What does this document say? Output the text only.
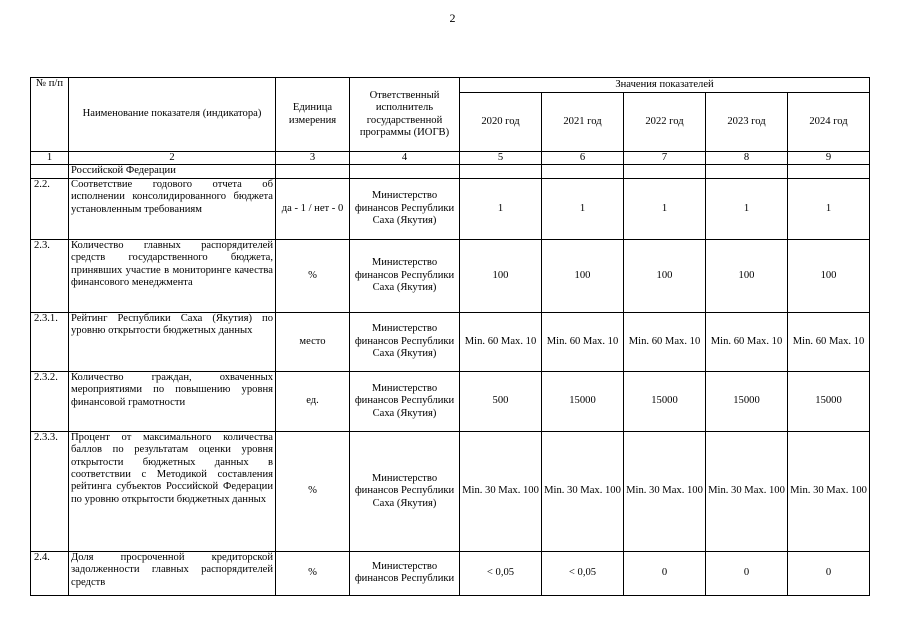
2
№ п/п	Наименование показателя (индикатора)	Единица измерения	Ответственный исполнитель государственной программы (ИОГВ)	Значения показателей				
				2020 год	2021 год	2022 год	2023 год	2024 год
1	2	3	4	5	6	7	8	9
	Российской Федерации							
2.2.	Соответствие годового отчета об исполнении консолидированного бюджета установленным требованиям	да - 1 / нет - 0	Министерство финансов Республики Саха (Якутия)	1	1	1	1	1
2.3.	Количество главных распорядителей средств государственного бюджета, принявших участие в мониторинге качества финансового менеджмента	%	Министерство финансов Республики Саха (Якутия)	100	100	100	100	100
2.3.1.	Рейтинг Республики Саха (Якутия) по уровню открытости бюджетных данных	место	Министерство финансов Республики Саха (Якутия)	Min. 60 Max. 10	Min. 60 Max. 10	Min. 60 Max. 10	Min. 60 Max. 10	Min. 60 Max. 10
2.3.2.	Количество граждан, охваченных мероприятиями по повышению уровня финансовой грамотности	ед.	Министерство финансов Республики Саха (Якутия)	500	15000	15000	15000	15000
2.3.3.	Процент от максимального количества баллов по результатам оценки уровня открытости бюджетных данных в соответствии с Методикой составления рейтинга субъектов Российской Федерации по уровню открытости бюджетных данных	%	Министерство финансов Республики Саха (Якутия)	Min. 30 Max. 100	Min. 30 Max. 100	Min. 30 Max. 100	Min. 30 Max. 100	Min. 30 Max. 100
2.4.	Доля просроченной кредиторской задолженности главных распорядителей средств	%	Министерство финансов Республики	< 0,05	< 0,05	0	0	0
